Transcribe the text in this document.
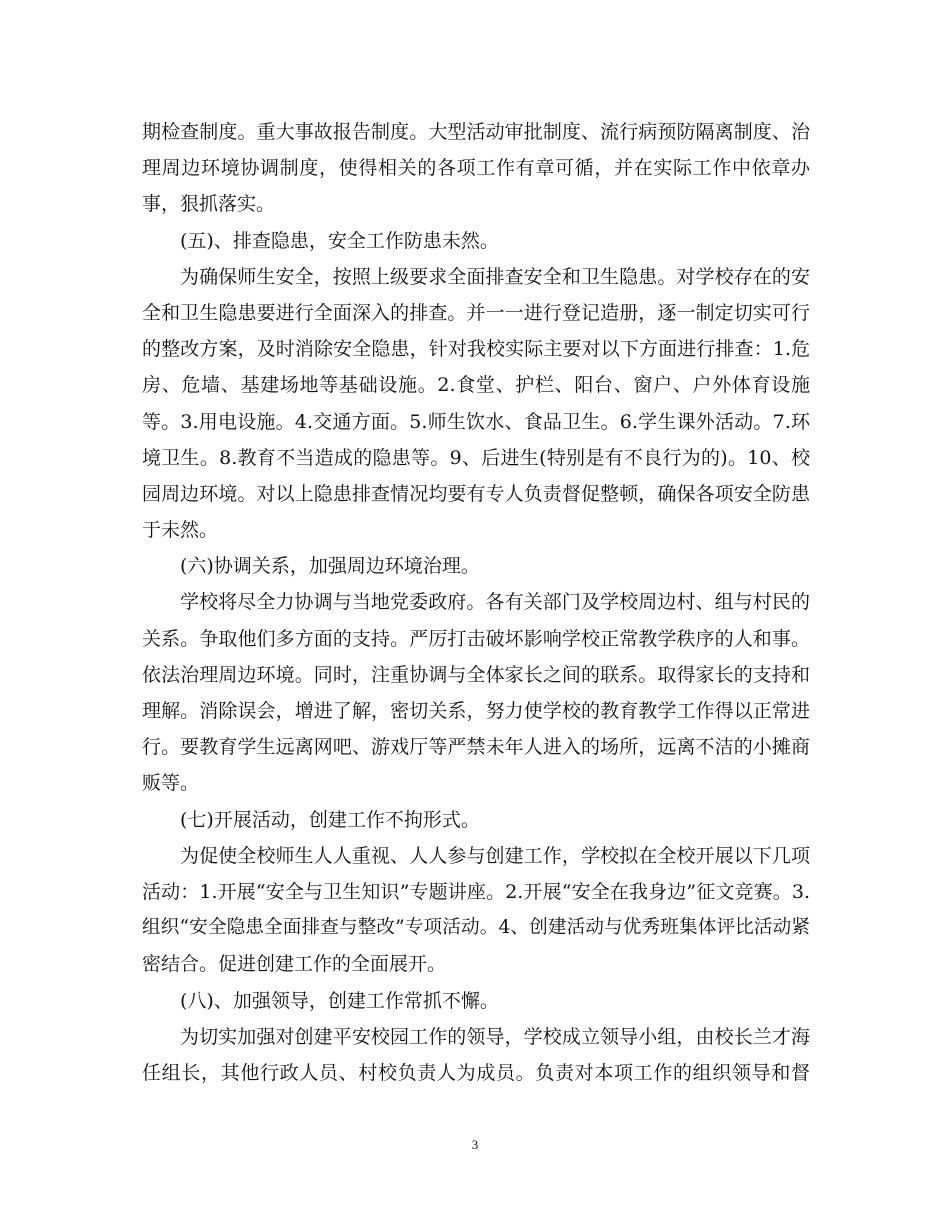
期检查制度。重大事故报告制度。大型活动审批制度、流行病预防隔离制度、治
理周边环境协调制度，使得相关的各项工作有章可循，并在实际工作中依章办
事，狠抓落实。
(五)、排查隐患，安全工作防患未然。
为确保师生安全，按照上级要求全面排查安全和卫生隐患。对学校存在的安
全和卫生隐患要进行全面深入的排查。并一一进行登记造册，逐一制定切实可行
的整改方案，及时消除安全隐患，针对我校实际主要对以下方面进行排查：1.危
房、危墙、基建场地等基础设施。2.食堂、护栏、阳台、窗户、户外体育设施
等。3.用电设施。4.交通方面。5.师生饮水、食品卫生。6.学生课外活动。7.环
境卫生。8.教育不当造成的隐患等。9、后进生(特别是有不良行为的)。10、校
园周边环境。对以上隐患排查情况均要有专人负责督促整顿，确保各项安全防患
于未然。
(六)协调关系，加强周边环境治理。
学校将尽全力协调与当地党委政府。各有关部门及学校周边村、组与村民的
关系。争取他们多方面的支持。严厉打击破坏影响学校正常教学秩序的人和事。
依法治理周边环境。同时，注重协调与全体家长之间的联系。取得家长的支持和
理解。消除误会，增进了解，密切关系，努力使学校的教育教学工作得以正常进
行。要教育学生远离网吧、游戏厅等严禁未年人进入的场所，远离不洁的小摊商
贩等。
(七)开展活动，创建工作不拘形式。
为促使全校师生人人重视、人人参与创建工作，学校拟在全校开展以下几项
活动：1.开展“安全与卫生知识”专题讲座。2.开展“安全在我身边”征文竞赛。3.
组织“安全隐患全面排查与整改”专项活动。4、创建活动与优秀班集体评比活动紧
密结合。促进创建工作的全面展开。
(八)、加强领导，创建工作常抓不懈。
为切实加强对创建平安校园工作的领导，学校成立领导小组，由校长兰才海
任组长，其他行政人员、村校负责人为成员。负责对本项工作的组织领导和督
3
